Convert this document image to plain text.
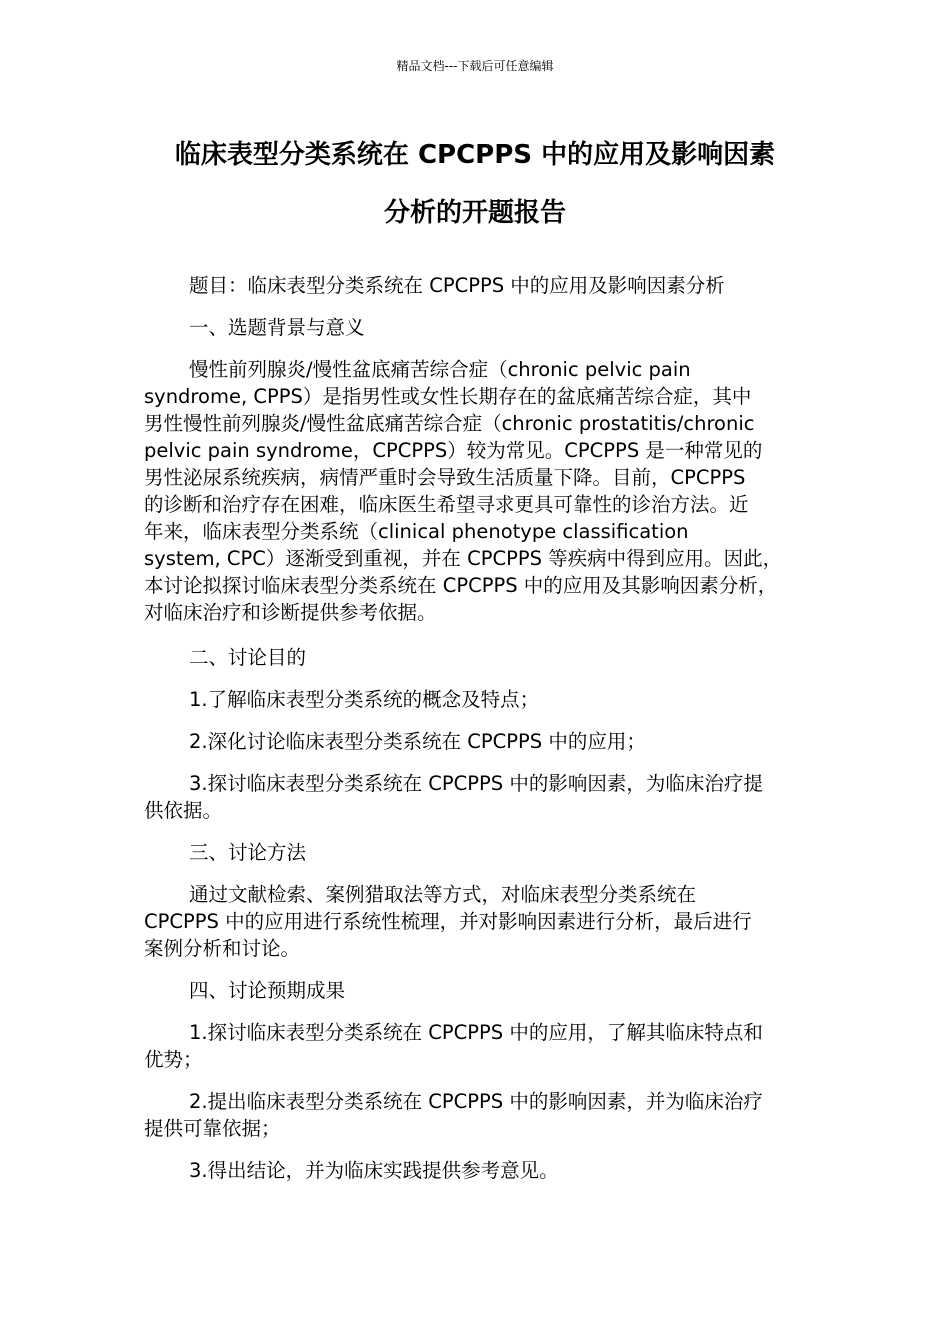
精品文档---下载后可任意编辑
临床表型分类系统在 CPCPPS 中的应用及影响因素
分析的开题报告
题目：临床表型分类系统在 CPCPPS 中的应用及影响因素分析
一、选题背景与意义
慢性前列腺炎/慢性盆底痛苦综合症（chronic pelvic pain
syndrome, CPPS）是指男性或女性长期存在的盆底痛苦综合症，其中
男性慢性前列腺炎/慢性盆底痛苦综合症（chronic prostatitis/chronic
pelvic pain syndrome，CPCPPS）较为常见。CPCPPS 是一种常见的
男性泌尿系统疾病，病情严重时会导致生活质量下降。目前，CPCPPS
的诊断和治疗存在困难，临床医生希望寻求更具可靠性的诊治方法。近
年来，临床表型分类系统（clinical phenotype classification
system, CPC）逐渐受到重视，并在 CPCPPS 等疾病中得到应用。因此，
本讨论拟探讨临床表型分类系统在 CPCPPS 中的应用及其影响因素分析，
对临床治疗和诊断提供参考依据。
二、讨论目的
1.了解临床表型分类系统的概念及特点；
2.深化讨论临床表型分类系统在 CPCPPS 中的应用；
3.探讨临床表型分类系统在 CPCPPS 中的影响因素，为临床治疗提
供依据。
三、讨论方法
通过文献检索、案例猎取法等方式，对临床表型分类系统在
CPCPPS 中的应用进行系统性梳理，并对影响因素进行分析，最后进行
案例分析和讨论。
四、讨论预期成果
1.探讨临床表型分类系统在 CPCPPS 中的应用，了解其临床特点和
优势；
2.提出临床表型分类系统在 CPCPPS 中的影响因素，并为临床治疗
提供可靠依据；
3.得出结论，并为临床实践提供参考意见。
